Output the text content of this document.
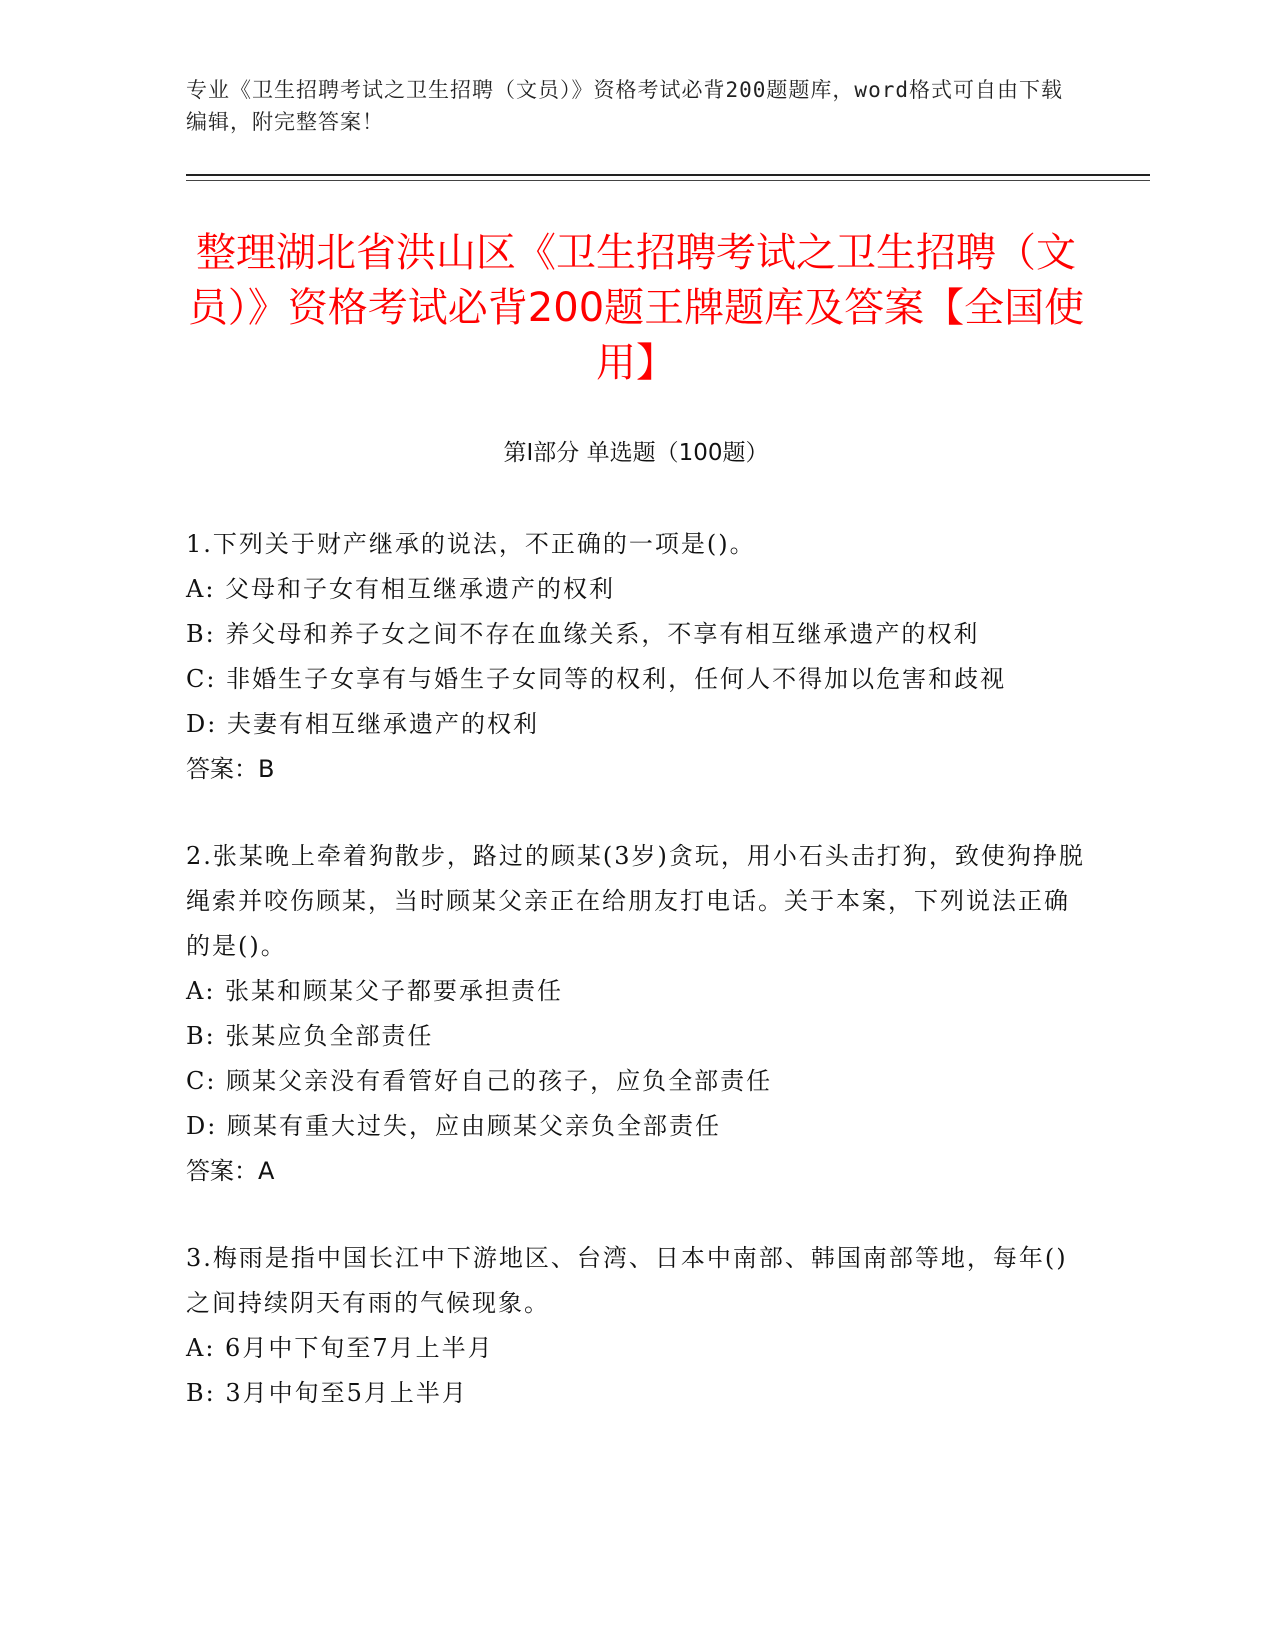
专业《卫生招聘考试之卫生招聘（文员）》资格考试必背200题题库，word格式可自由下载编辑，附完整答案！
整理湖北省洪山区《卫生招聘考试之卫生招聘（文员）》资格考试必背200题王牌题库及答案【全国使用】
第Ⅰ部分 单选题（100题）
1.下列关于财产继承的说法，不正确的一项是()。
A: 父母和子女有相互继承遗产的权利
B: 养父母和养子女之间不存在血缘关系，不享有相互继承遗产的权利
C: 非婚生子女享有与婚生子女同等的权利，任何人不得加以危害和歧视
D: 夫妻有相互继承遗产的权利
答案：B
2.张某晚上牵着狗散步，路过的顾某(3岁)贪玩，用小石头击打狗，致使狗挣脱绳索并咬伤顾某，当时顾某父亲正在给朋友打电话。关于本案，下列说法正确的是()。
A: 张某和顾某父子都要承担责任
B: 张某应负全部责任
C: 顾某父亲没有看管好自己的孩子，应负全部责任
D: 顾某有重大过失，应由顾某父亲负全部责任
答案：A
3.梅雨是指中国长江中下游地区、台湾、日本中南部、韩国南部等地，每年()之间持续阴天有雨的气候现象。
A: 6月中下旬至7月上半月
B: 3月中旬至5月上半月
